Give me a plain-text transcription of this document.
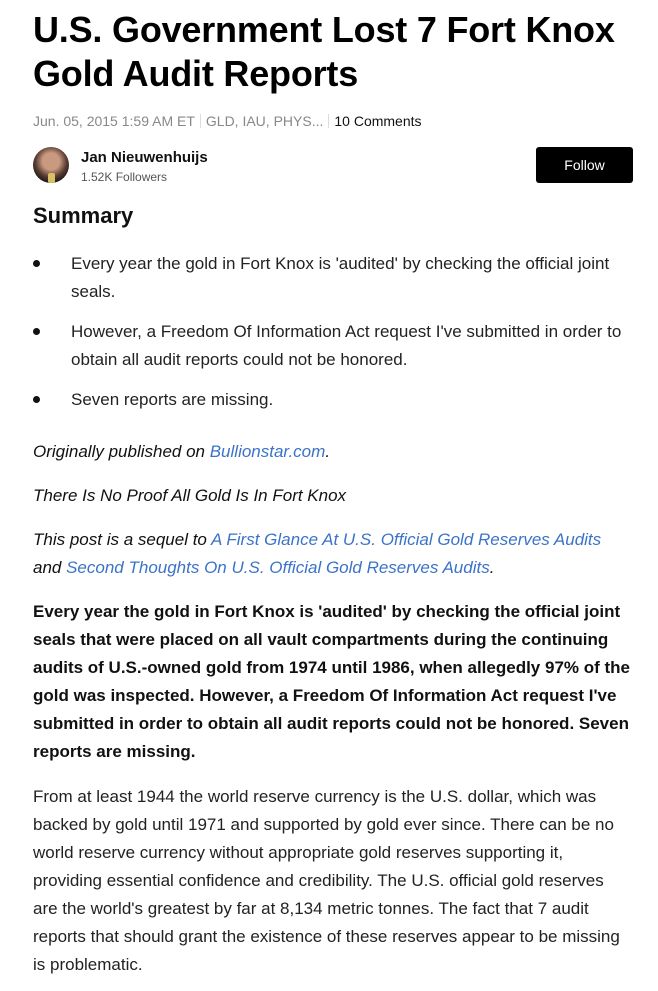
U.S. Government Lost 7 Fort Knox Gold Audit Reports
Jun. 05, 2015 1:59 AM ET GLD, IAU, PHYS... 10 Comments
Jan Nieuwenhuijs
1.52K Followers
Follow
Summary
Every year the gold in Fort Knox is 'audited' by checking the official joint seals.
However, a Freedom Of Information Act request I've submitted in order to obtain all audit reports could not be honored.
Seven reports are missing.

Originally published on Bullionstar.com.

There Is No Proof All Gold Is In Fort Knox

This post is a sequel to A First Glance At U.S. Official Gold Reserves Audits and Second Thoughts On U.S. Official Gold Reserves Audits.

Every year the gold in Fort Knox is 'audited' by checking the official joint seals that were placed on all vault compartments during the continuing audits of U.S.-owned gold from 1974 until 1986, when allegedly 97% of the gold was inspected. However, a Freedom Of Information Act request I've submitted in order to obtain all audit reports could not be honored. Seven reports are missing.

From at least 1944 the world reserve currency is the U.S. dollar, which was backed by gold until 1971 and supported by gold ever since. There can be no world reserve currency without appropriate gold reserves supporting it, providing essential confidence and credibility. The U.S. official gold reserves are the world's greatest by far at 8,134 metric tonnes. The fact that 7 audit reports that should grant the existence of these reserves appear to be missing is problematic.
